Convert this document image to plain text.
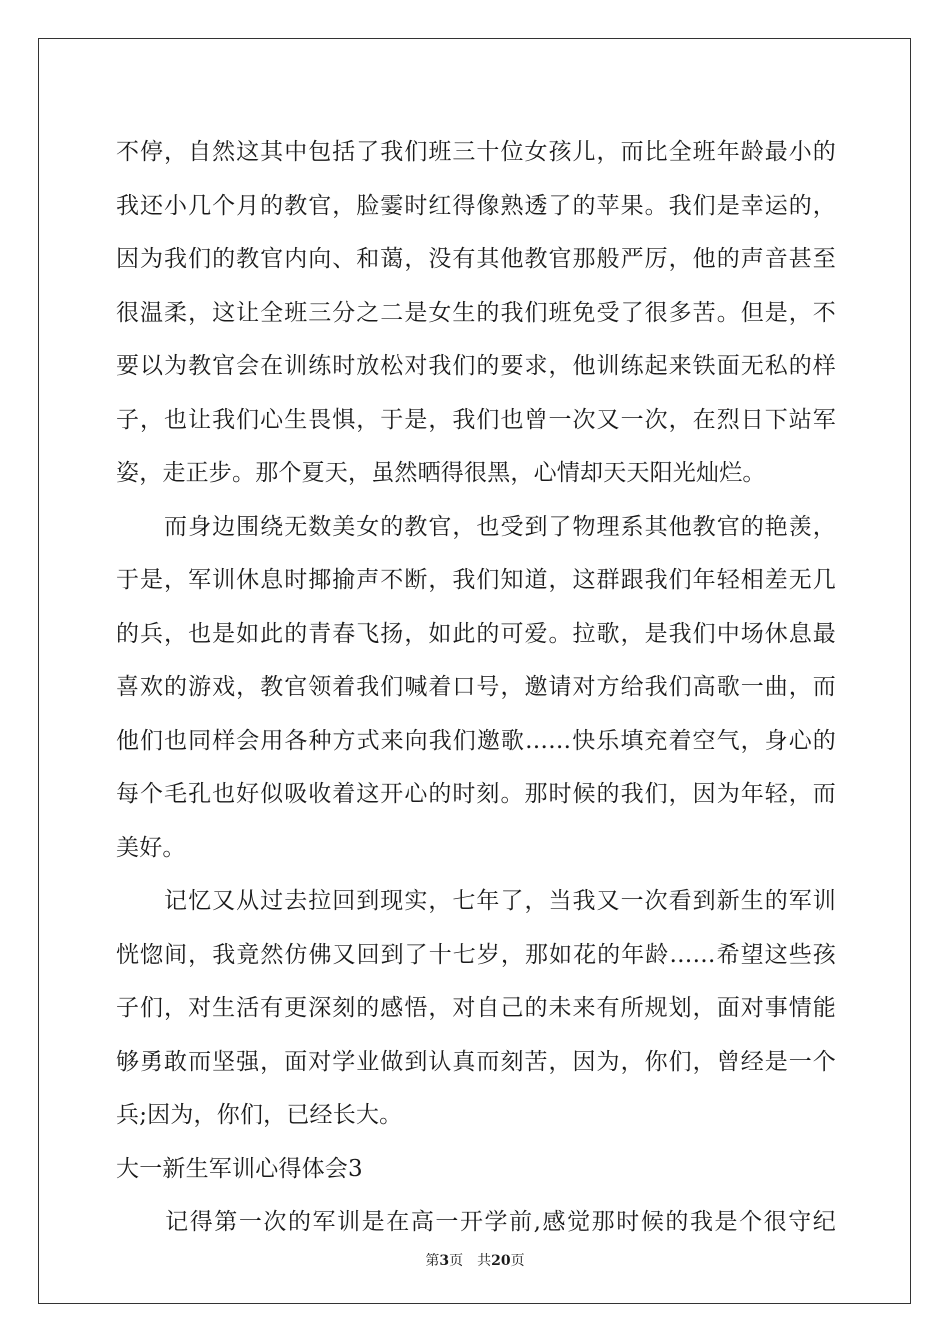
不停，自然这其中包括了我们班三十位女孩儿，而比全班年龄最小的
我还小几个月的教官，脸霎时红得像熟透了的苹果。我们是幸运的，
因为我们的教官内向、和蔼，没有其他教官那般严厉，他的声音甚至
很温柔，这让全班三分之二是女生的我们班免受了很多苦。但是，不
要以为教官会在训练时放松对我们的要求，他训练起来铁面无私的样
子，也让我们心生畏惧，于是，我们也曾一次又一次，在烈日下站军
姿，走正步。那个夏天，虽然晒得很黑，心情却天天阳光灿烂。
　　而身边围绕无数美女的教官，也受到了物理系其他教官的艳羡，
于是，军训休息时揶揄声不断，我们知道，这群跟我们年轻相差无几
的兵，也是如此的青春飞扬，如此的可爱。拉歌，是我们中场休息最
喜欢的游戏，教官领着我们喊着口号，邀请对方给我们高歌一曲，而
他们也同样会用各种方式来向我们邀歌……快乐填充着空气，身心的
每个毛孔也好似吸收着这开心的时刻。那时候的我们，因为年轻，而
美好。
　　记忆又从过去拉回到现实，七年了，当我又一次看到新生的军训
恍惚间，我竟然仿佛又回到了十七岁，那如花的年龄……希望这些孩
子们，对生活有更深刻的感悟，对自己的未来有所规划，面对事情能
够勇敢而坚强，面对学业做到认真而刻苦，因为，你们，曾经是一个
兵;因为，你们，已经长大。
大一新生军训心得体会3
　　记得第一次的军训是在高一开学前,感觉那时候的我是个很守纪
第3页 共20页
